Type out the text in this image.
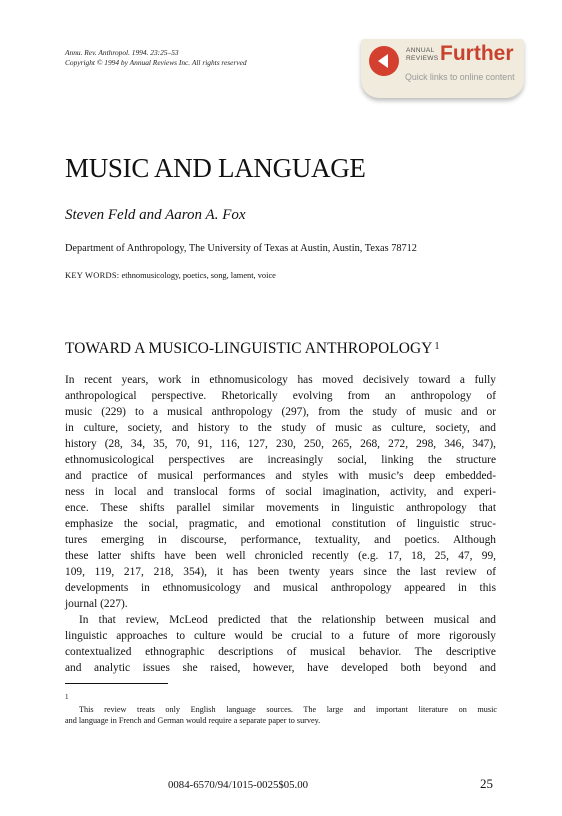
Annu. Rev. Anthropol. 1994. 23:25–53
Copyright © 1994 by Annual Reviews Inc. All rights reserved
ANNUAL
REVIEWS Further
Quick links to online content
MUSIC AND LANGUAGE
Steven Feld and Aaron A. Fox
Department of Anthropology, The University of Texas at Austin, Austin, Texas 78712
KEY WORDS: ethnomusicology, poetics, song, lament, voice
TOWARD A MUSICO-LINGUISTIC ANTHROPOLOGY $^1$
In recent years, work in ethnomusicology has moved decisively toward a fully
anthropological perspective. Rhetorically evolving from an anthropology of
music (229) to a musical anthropology (297), from the study of music and or
in culture, society, and history to the study of music as culture, society, and
history (28, 34, 35, 70, 91, 116, 127, 230, 250, 265, 268, 272, 298, 346, 347),
ethnomusicological perspectives are increasingly social, linking the structure
and practice of musical performances and styles with music’s deep embedded-
ness in local and translocal forms of social imagination, activity, and experi-
ence. These shifts parallel similar movements in linguistic anthropology that
emphasize the social, pragmatic, and emotional constitution of linguistic struc-
tures emerging in discourse, performance, textuality, and poetics. Although
these latter shifts have been well chronicled recently (e.g. 17, 18, 25, 47, 99,
109, 119, 217, 218, 354), it has been twenty years since the last review of
developments in ethnomusicology and musical anthropology appeared in this
journal (227).
In that review, McLeod predicted that the relationship between musical and
linguistic approaches to culture would be crucial to a future of more rigorously
contextualized ethnographic descriptions of musical behavior. The descriptive
and analytic issues she raised, however, have developed both beyond and
1
This review treats only English language sources. The large and important literature on music
and language in French and German would require a separate paper to survey.
0084-6570/94/1015-0025$05.00	25
